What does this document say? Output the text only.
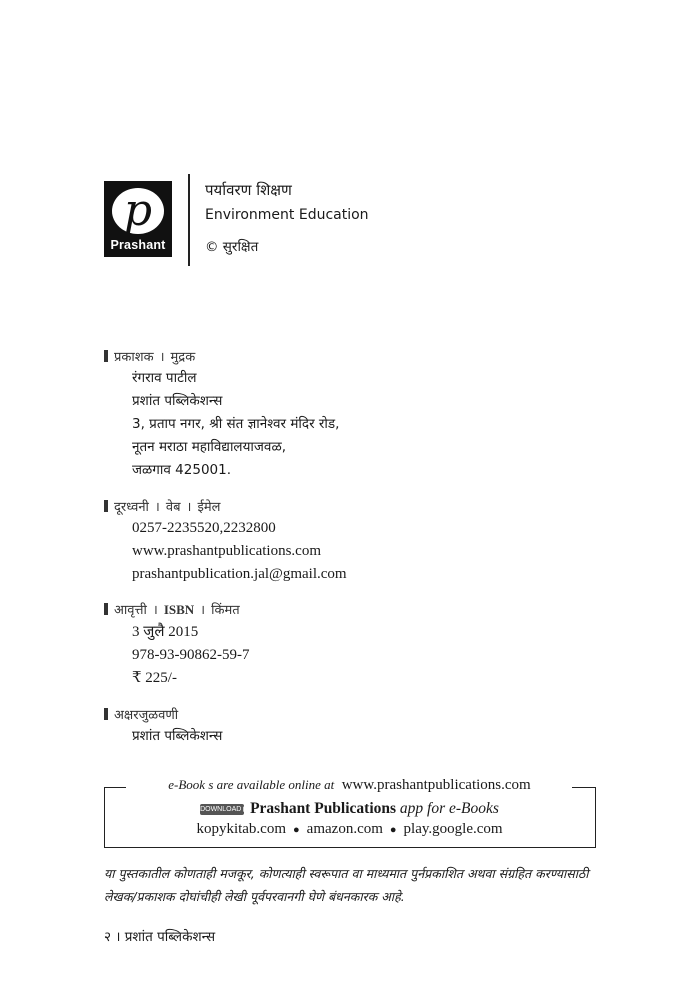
p
Prashant
पर्यावरण शिक्षण
Environment Education
© सुरक्षित
प्रकाशक । मुद्रक
रंगराव पाटील
प्रशांत पब्लिकेशन्स
3, प्रताप नगर, श्री संत ज्ञानेश्वर मंदिर रोड,
नूतन मराठा महाविद्यालयाजवळ,
जळगाव 425001.
दूरध्वनी । वेब । ईमेल
0257-2235520,2232800
www.prashantpublications.com
prashantpublication.jal@gmail.com
आवृत्ती । ISBN । किंमत
3 जुलै 2015
978-93-90862-59-7
₹ 225/-
अक्षरजुळवणी
प्रशांत पब्लिकेशन्स
e-Book s are available online at www.prashantpublications.com
DOWNLOAD ▶Prashant Publications app for e-Books
kopykitab.com ● amazon.com ● play.google.com
या पुस्तकातील कोणताही मजकूर, कोणत्याही स्वरूपात वा माध्यमात पुर्नप्रकाशित अथवा संग्रहित करण्यासाठी लेखक/प्रकाशक दोघांचीही लेखी पूर्वपरवानगी घेणे बंधनकारक आहे.
२ । प्रशांत पब्लिकेशन्स
